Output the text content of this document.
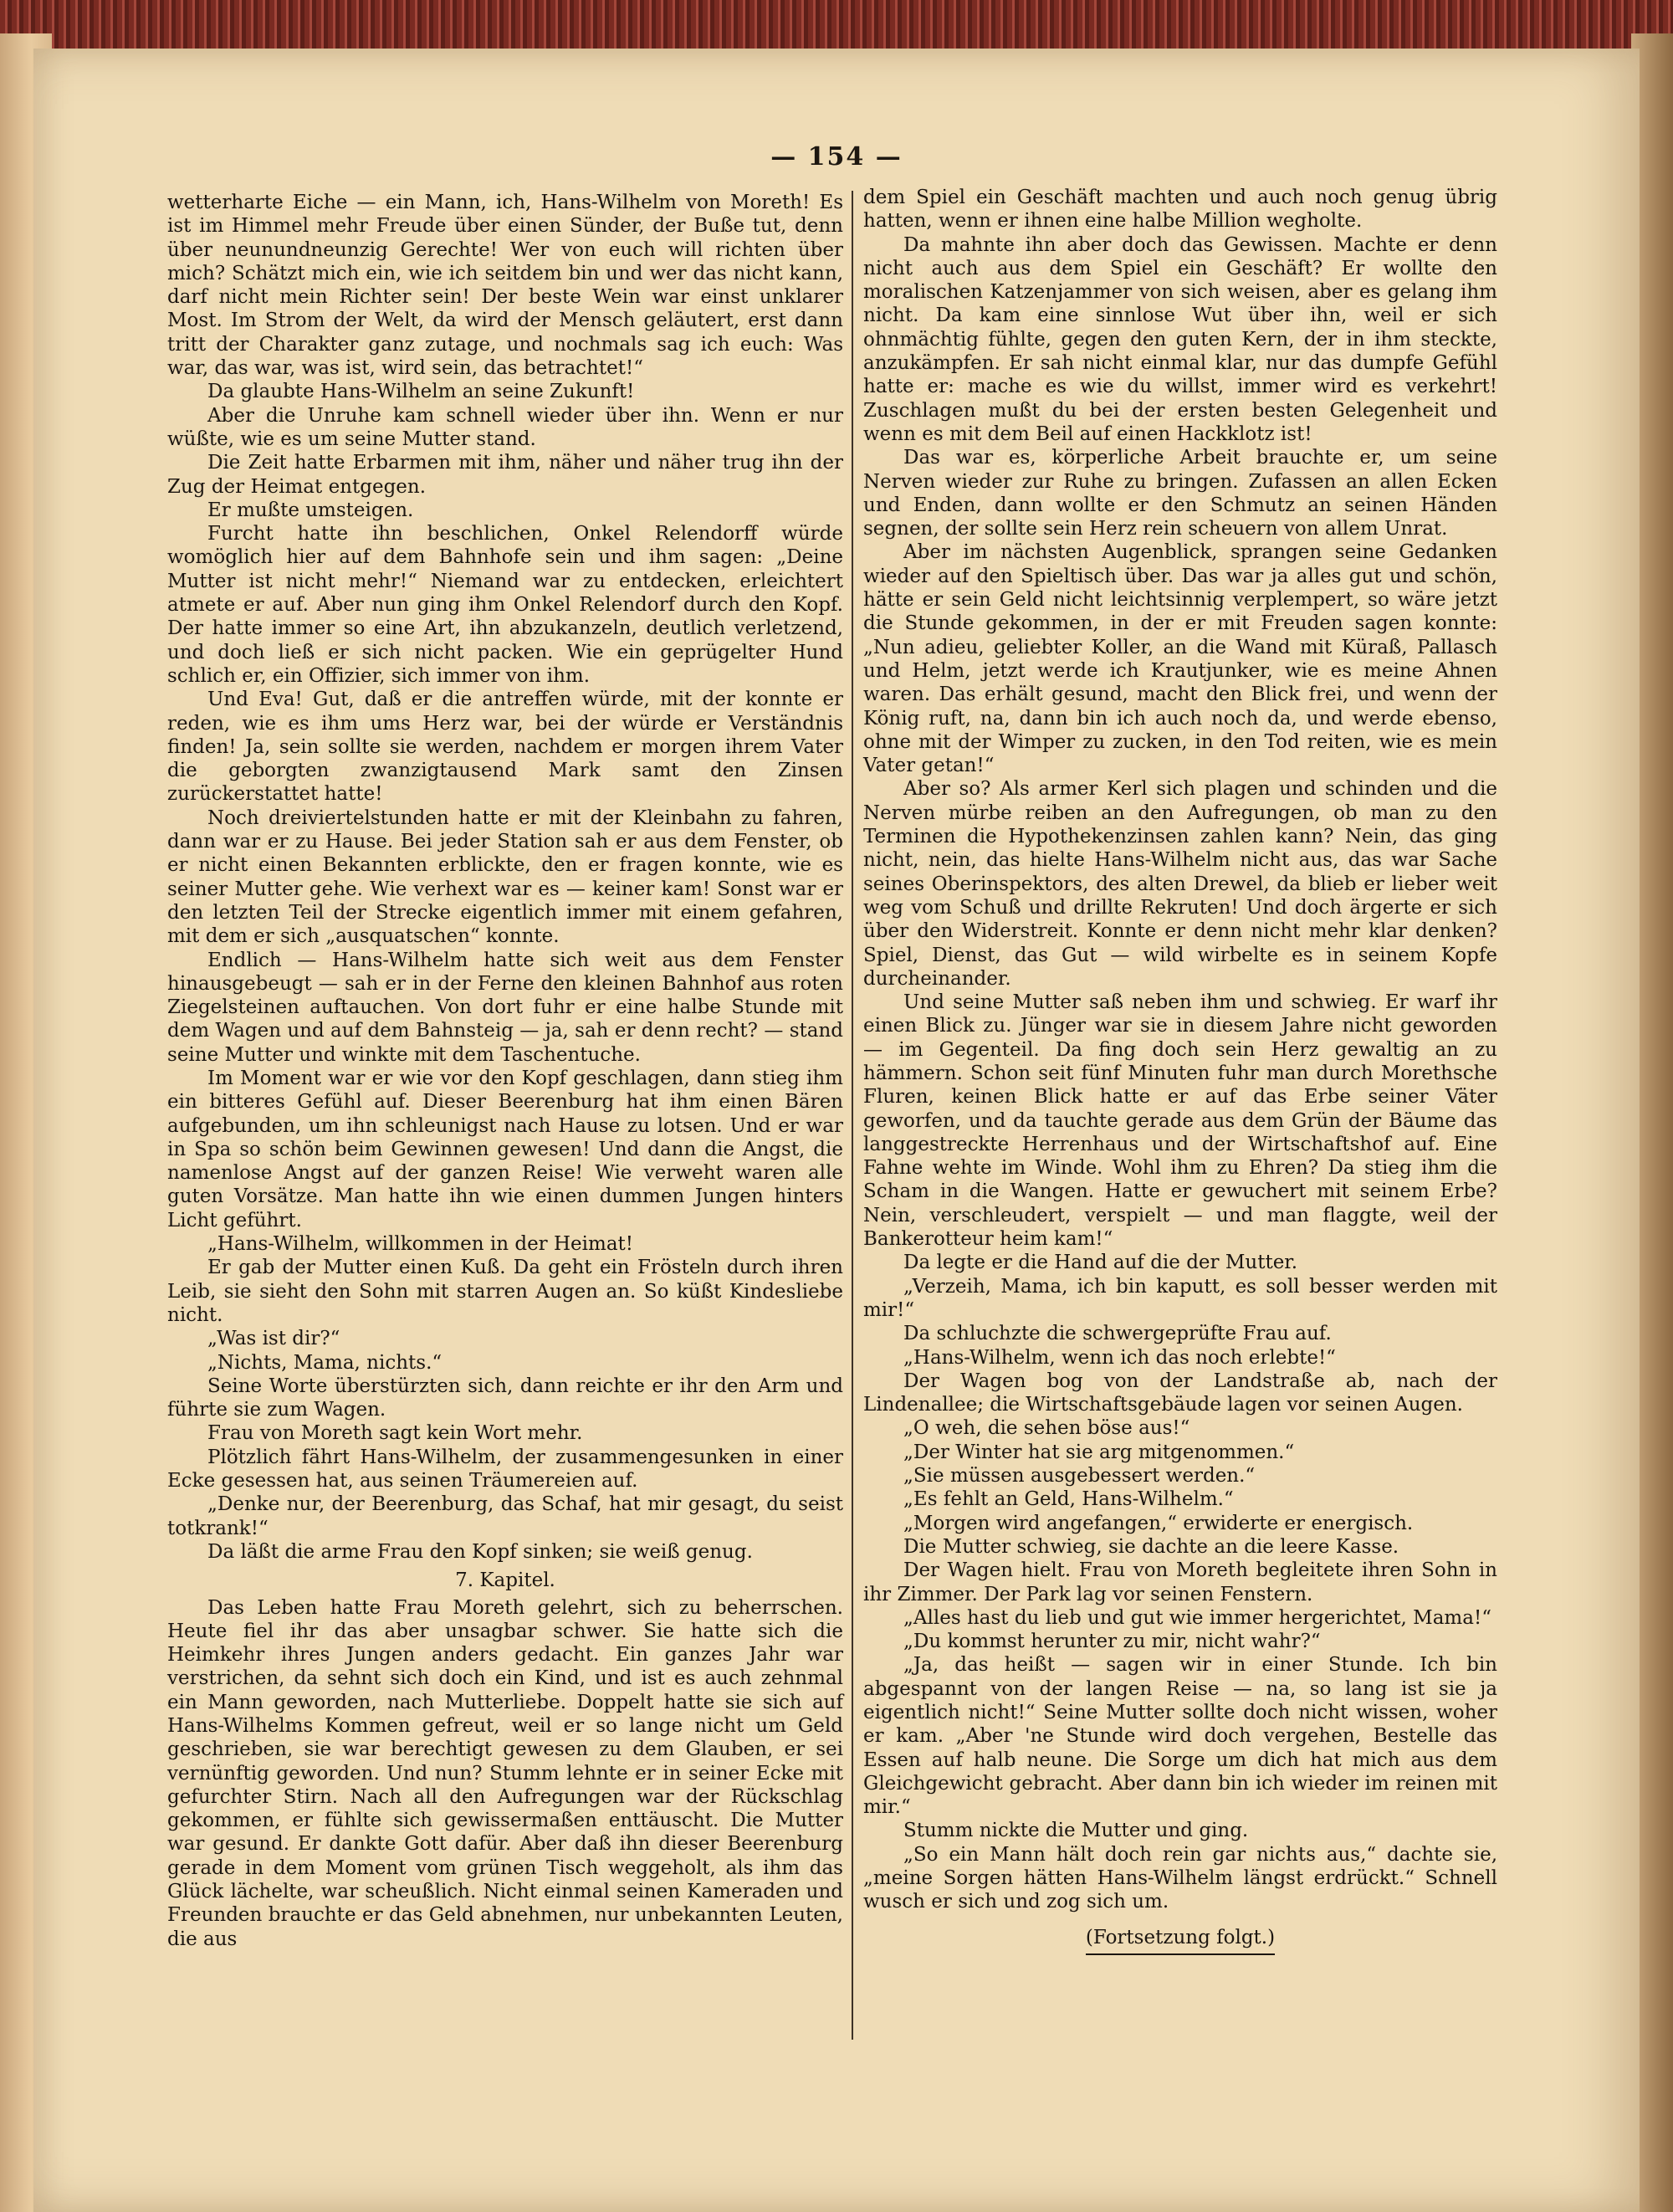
— 154 —

wetterharte Eiche — ein Mann, ich, Hans-Wilhelm von Moreth! Es ist im Himmel mehr Freude über einen Sünder, der Buße tut, denn über neunundneunzig Gerechte! Wer von euch will richten über mich? Schätzt mich ein, wie ich seitdem bin und wer das nicht kann, darf nicht mein Richter sein! Der beste Wein war einst unklarer Most. Im Strom der Welt, da wird der Mensch geläutert, erst dann tritt der Charakter ganz zutage, und nochmals sag ich euch: Was war, das war, was ist, wird sein, das betrachtet!“

Da glaubte Hans-Wilhelm an seine Zukunft!

Aber die Unruhe kam schnell wieder über ihn. Wenn er nur wüßte, wie es um seine Mutter stand.

Die Zeit hatte Erbarmen mit ihm, näher und näher trug ihn der Zug der Heimat entgegen.

Er mußte umsteigen.

Furcht hatte ihn beschlichen, Onkel Relendorff würde womöglich hier auf dem Bahnhofe sein und ihm sagen: „Deine Mutter ist nicht mehr!“ Niemand war zu entdecken, erleichtert atmete er auf. Aber nun ging ihm Onkel Relendorf durch den Kopf. Der hatte immer so eine Art, ihn abzukanzeln, deutlich verletzend, und doch ließ er sich nicht packen. Wie ein geprügelter Hund schlich er, ein Offizier, sich immer von ihm.

Und Eva! Gut, daß er die antreffen würde, mit der konnte er reden, wie es ihm ums Herz war, bei der würde er Verständnis finden! Ja, sein sollte sie werden, nachdem er morgen ihrem Vater die geborgten zwanzigtausend Mark samt den Zinsen zurückerstattet hatte!

Noch dreiviertelstunden hatte er mit der Kleinbahn zu fahren, dann war er zu Hause. Bei jeder Station sah er aus dem Fenster, ob er nicht einen Bekannten erblickte, den er fragen konnte, wie es seiner Mutter gehe. Wie verhext war es — keiner kam! Sonst war er den letzten Teil der Strecke eigentlich immer mit einem gefahren, mit dem er sich „ausquatschen“ konnte.

Endlich — Hans-Wilhelm hatte sich weit aus dem Fenster hinausgebeugt — sah er in der Ferne den kleinen Bahnhof aus roten Ziegelsteinen auftauchen. Von dort fuhr er eine halbe Stunde mit dem Wagen und auf dem Bahnsteig — ja, sah er denn recht? — stand seine Mutter und winkte mit dem Taschentuche.

Im Moment war er wie vor den Kopf geschlagen, dann stieg ihm ein bitteres Gefühl auf. Dieser Beerenburg hat ihm einen Bären aufgebunden, um ihn schleunigst nach Hause zu lotsen. Und er war in Spa so schön beim Gewinnen gewesen! Und dann die Angst, die namenlose Angst auf der ganzen Reise! Wie verweht waren alle guten Vorsätze. Man hatte ihn wie einen dummen Jungen hinters Licht geführt.

„Hans-Wilhelm, willkommen in der Heimat!

Er gab der Mutter einen Kuß. Da geht ein Frösteln durch ihren Leib, sie sieht den Sohn mit starren Augen an. So küßt Kindesliebe nicht.

„Was ist dir?“

„Nichts, Mama, nichts.“

Seine Worte überstürzten sich, dann reichte er ihr den Arm und führte sie zum Wagen.

Frau von Moreth sagt kein Wort mehr.

Plötzlich fährt Hans-Wilhelm, der zusammengesunken in einer Ecke gesessen hat, aus seinen Träumereien auf.

„Denke nur, der Beerenburg, das Schaf, hat mir gesagt, du seist totkrank!“

Da läßt die arme Frau den Kopf sinken; sie weiß genug.

7. Kapitel.

Das Leben hatte Frau Moreth gelehrt, sich zu beherrschen. Heute fiel ihr das aber unsagbar schwer. Sie hatte sich die Heimkehr ihres Jungen anders gedacht. Ein ganzes Jahr war verstrichen, da sehnt sich doch ein Kind, und ist es auch zehnmal ein Mann geworden, nach Mutterliebe. Doppelt hatte sie sich auf Hans-Wilhelms Kommen gefreut, weil er so lange nicht um Geld geschrieben, sie war berechtigt gewesen zu dem Glauben, er sei vernünftig geworden. Und nun? Stumm lehnte er in seiner Ecke mit gefurchter Stirn. Nach all den Aufregungen war der Rückschlag gekommen, er fühlte sich gewissermaßen enttäuscht. Die Mutter war gesund. Er dankte Gott dafür. Aber daß ihn dieser Beerenburg gerade in dem Moment vom grünen Tisch weggeholt, als ihm das Glück lächelte, war scheußlich. Nicht einmal seinen Kameraden und Freunden brauchte er das Geld abnehmen, nur unbekannten Leuten, die aus

dem Spiel ein Geschäft machten und auch noch genug übrig hatten, wenn er ihnen eine halbe Million wegholte.

Da mahnte ihn aber doch das Gewissen. Machte er denn nicht auch aus dem Spiel ein Geschäft? Er wollte den moralischen Katzenjammer von sich weisen, aber es gelang ihm nicht. Da kam eine sinnlose Wut über ihn, weil er sich ohnmächtig fühlte, gegen den guten Kern, der in ihm steckte, anzukämpfen. Er sah nicht einmal klar, nur das dumpfe Gefühl hatte er: mache es wie du willst, immer wird es verkehrt! Zuschlagen mußt du bei der ersten besten Gelegenheit und wenn es mit dem Beil auf einen Hackklotz ist!

Das war es, körperliche Arbeit brauchte er, um seine Nerven wieder zur Ruhe zu bringen. Zufassen an allen Ecken und Enden, dann wollte er den Schmutz an seinen Händen segnen, der sollte sein Herz rein scheuern von allem Unrat.

Aber im nächsten Augenblick, sprangen seine Gedanken wieder auf den Spieltisch über. Das war ja alles gut und schön, hätte er sein Geld nicht leichtsinnig verplempert, so wäre jetzt die Stunde gekommen, in der er mit Freuden sagen konnte: „Nun adieu, geliebter Koller, an die Wand mit Küraß, Pallasch und Helm, jetzt werde ich Krautjunker, wie es meine Ahnen waren. Das erhält gesund, macht den Blick frei, und wenn der König ruft, na, dann bin ich auch noch da, und werde ebenso, ohne mit der Wimper zu zucken, in den Tod reiten, wie es mein Vater getan!“

Aber so? Als armer Kerl sich plagen und schinden und die Nerven mürbe reiben an den Aufregungen, ob man zu den Terminen die Hypothekenzinsen zahlen kann? Nein, das ging nicht, nein, das hielte Hans-Wilhelm nicht aus, das war Sache seines Oberinspektors, des alten Drewel, da blieb er lieber weit weg vom Schuß und drillte Rekruten! Und doch ärgerte er sich über den Widerstreit. Konnte er denn nicht mehr klar denken? Spiel, Dienst, das Gut — wild wirbelte es in seinem Kopfe durcheinander.

Und seine Mutter saß neben ihm und schwieg. Er warf ihr einen Blick zu. Jünger war sie in diesem Jahre nicht geworden — im Gegenteil. Da fing doch sein Herz gewaltig an zu hämmern. Schon seit fünf Minuten fuhr man durch Morethsche Fluren, keinen Blick hatte er auf das Erbe seiner Väter geworfen, und da tauchte gerade aus dem Grün der Bäume das langgestreckte Herrenhaus und der Wirtschaftshof auf. Eine Fahne wehte im Winde. Wohl ihm zu Ehren? Da stieg ihm die Scham in die Wangen. Hatte er gewuchert mit seinem Erbe? Nein, verschleudert, verspielt — und man flaggte, weil der Bankerotteur heim kam!“

Da legte er die Hand auf die der Mutter.

„Verzeih, Mama, ich bin kaputt, es soll besser werden mit mir!“

Da schluchzte die schwergeprüfte Frau auf.

„Hans-Wilhelm, wenn ich das noch erlebte!“

Der Wagen bog von der Landstraße ab, nach der Lindenallee; die Wirtschaftsgebäude lagen vor seinen Augen.

„O weh, die sehen böse aus!“

„Der Winter hat sie arg mitgenommen.“

„Sie müssen ausgebessert werden.“

„Es fehlt an Geld, Hans-Wilhelm.“

„Morgen wird angefangen,“ erwiderte er energisch.

Die Mutter schwieg, sie dachte an die leere Kasse.

Der Wagen hielt. Frau von Moreth begleitete ihren Sohn in ihr Zimmer. Der Park lag vor seinen Fenstern.

„Alles hast du lieb und gut wie immer hergerichtet, Mama!“

„Du kommst herunter zu mir, nicht wahr?“

„Ja, das heißt — sagen wir in einer Stunde. Ich bin abgespannt von der langen Reise — na, so lang ist sie ja eigentlich nicht!“ Seine Mutter sollte doch nicht wissen, woher er kam. „Aber 'ne Stunde wird doch vergehen, Bestelle das Essen auf halb neune. Die Sorge um dich hat mich aus dem Gleichgewicht gebracht. Aber dann bin ich wieder im reinen mit mir.“

Stumm nickte die Mutter und ging.

„So ein Mann hält doch rein gar nichts aus,“ dachte sie, „meine Sorgen hätten Hans-Wilhelm längst erdrückt.“ Schnell wusch er sich und zog sich um.

(Fortsetzung folgt.)
